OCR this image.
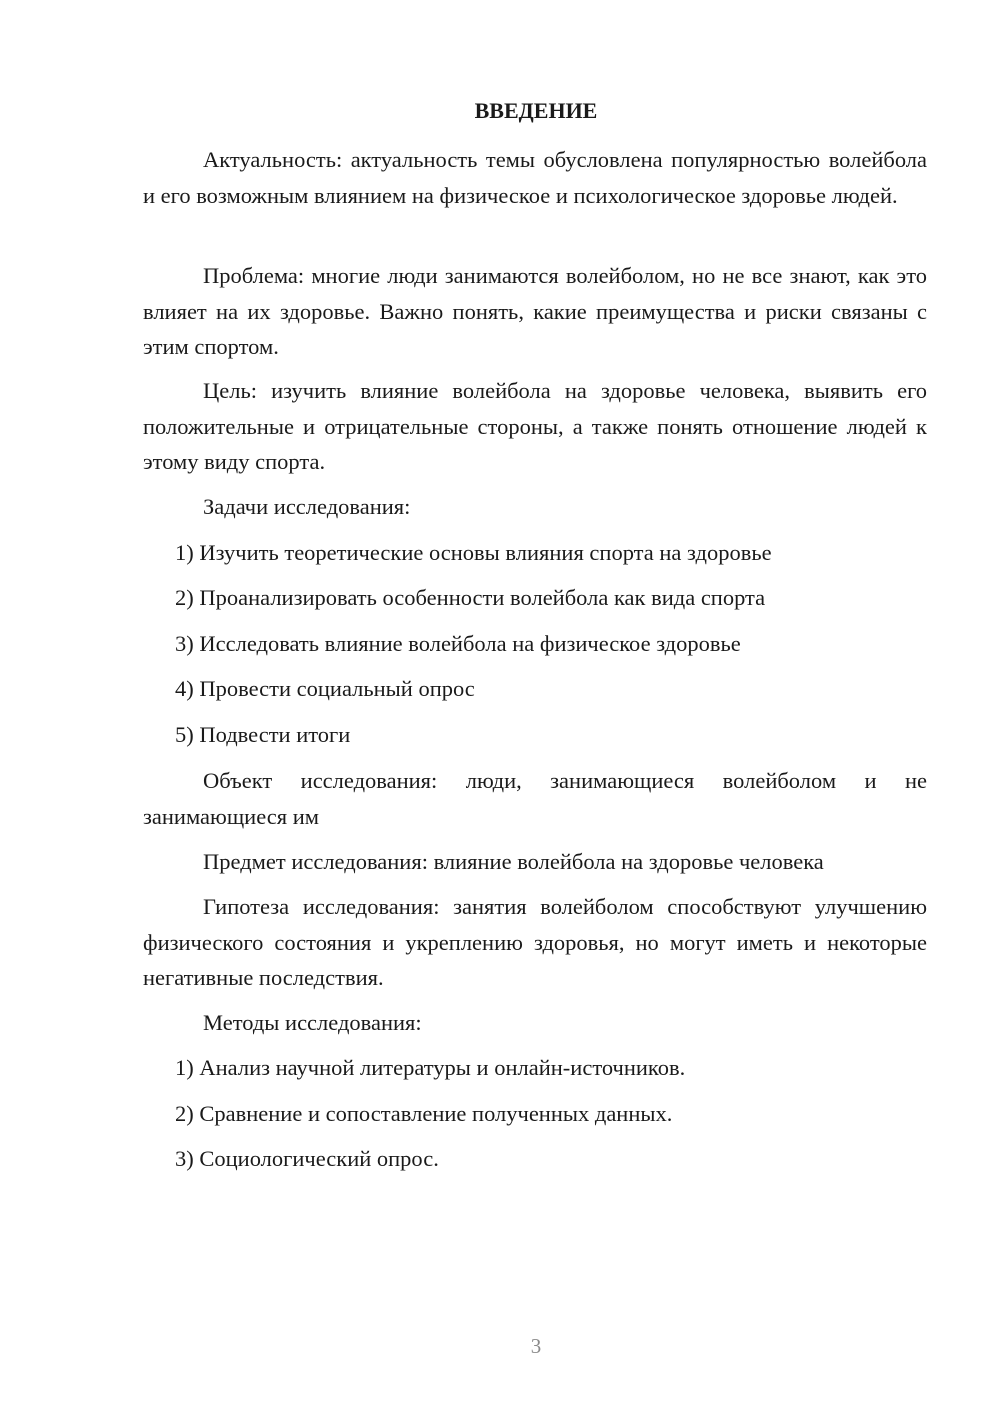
ВВЕДЕНИЕ

Актуальность: актуальность темы обусловлена популярностью волейбола и его возможным влиянием на физическое и психологическое здоровье людей.

Проблема: многие люди занимаются волейболом, но не все знают, как это влияет на их здоровье. Важно понять, какие преимущества и риски связаны с этим спортом.

Цель: изучить влияние волейбола на здоровье человека, выявить его положительные и отрицательные стороны, а также понять отношение людей к этому виду спорта.

Задачи исследования:

1) Изучить теоретические основы влияния спорта на здоровье

2) Проанализировать особенности волейбола как вида спорта

3) Исследовать влияние волейбола на физическое здоровье

4) Провести социальный опрос

5) Подвести итоги

Объект исследования: люди, занимающиеся волейболом и не занимающиеся им

Предмет исследования: влияние волейбола на здоровье человека

Гипотеза исследования: занятия волейболом способствуют улучшению физического состояния и укреплению здоровья, но могут иметь и некоторые негативные последствия.

Методы исследования:

1) Анализ научной литературы и онлайн-источников.

2) Сравнение и сопоставление полученных данных.

3) Социологический опрос.

3
